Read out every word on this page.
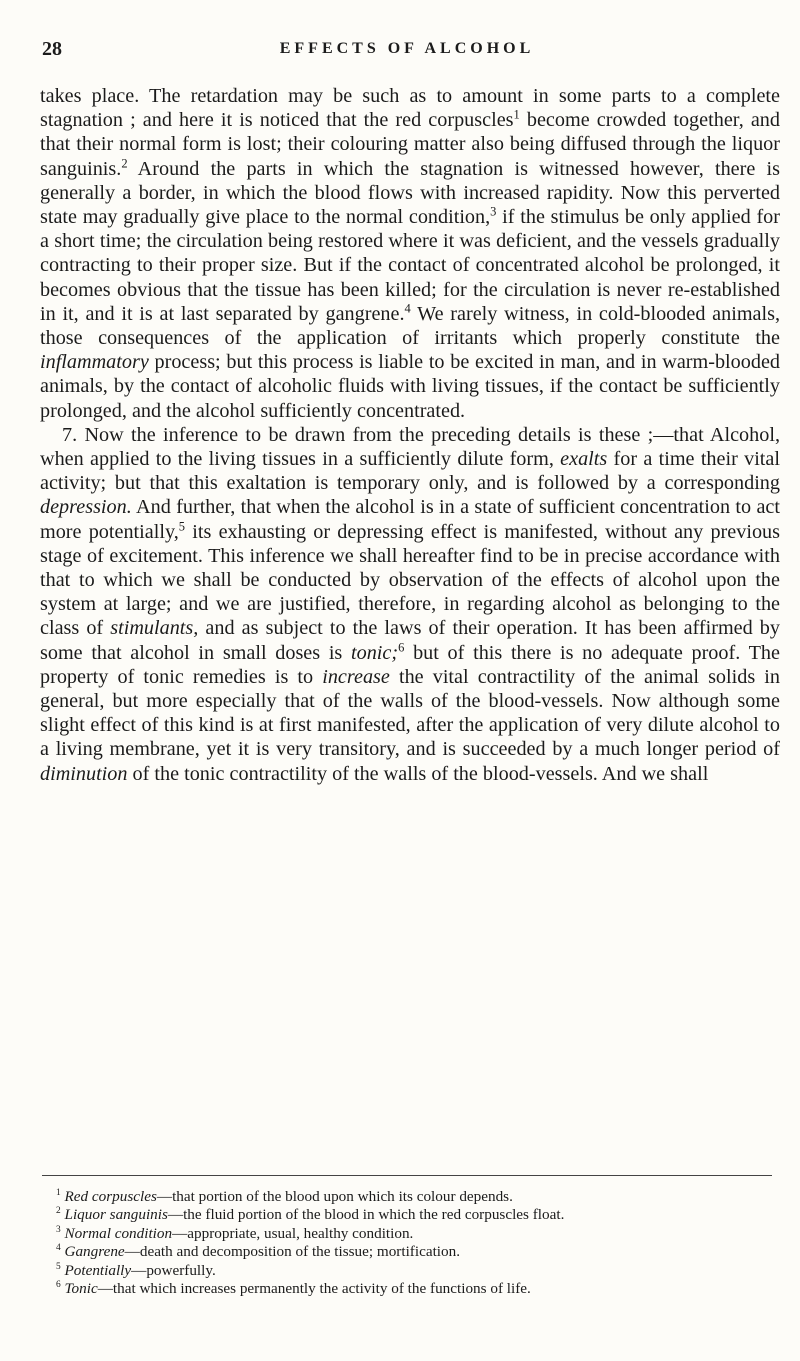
28	EFFECTS OF ALCOHOL

takes place. The retardation may be such as to amount in some parts to a complete stagnation ; and here it is noticed that the red corpuscles$^1$ become crowded together, and that their normal form is lost; their colouring matter also being diffused through the liquor sanguinis.$^2$ Around the parts in which the stagnation is witnessed however, there is generally a border, in which the blood flows with increased rapidity. Now this perverted state may gradually give place to the normal condition,$^3$ if the stimulus be only applied for a short time; the circulation being restored where it was deficient, and the vessels gradually contracting to their proper size. But if the contact of concentrated alcohol be prolonged, it becomes obvious that the tissue has been killed; for the circulation is never re-established in it, and it is at last separated by gangrene.$^4$ We rarely witness, in cold-blooded animals, those consequences of the application of irritants which properly constitute the inflammatory process; but this process is liable to be excited in man, and in warm-blooded animals, by the contact of alcoholic fluids with living tissues, if the contact be sufficiently prolonged, and the alcohol sufficiently concentrated.

7. Now the inference to be drawn from the preceding details is these ;—that Alcohol, when applied to the living tissues in a sufficiently dilute form, exalts for a time their vital activity; but that this exaltation is temporary only, and is followed by a corresponding depression. And further, that when the alcohol is in a state of sufficient concentration to act more potentially,$^5$ its exhausting or depressing effect is manifested, without any previous stage of excitement. This inference we shall hereafter find to be in precise accordance with that to which we shall be conducted by observation of the effects of alcohol upon the system at large; and we are justified, therefore, in regarding alcohol as belonging to the class of stimulants, and as subject to the laws of their operation. It has been affirmed by some that alcohol in small doses is tonic;$^6$ but of this there is no adequate proof. The property of tonic remedies is to increase the vital contractility of the animal solids in general, but more especially that of the walls of the blood-vessels. Now although some slight effect of this kind is at first manifested, after the application of very dilute alcohol to a living membrane, yet it is very transitory, and is succeeded by a much longer period of diminution of the tonic contractility of the walls of the blood-vessels. And we shall

$^1$ Red corpuscles—that portion of the blood upon which its colour depends.

$^2$ Liquor sanguinis—the fluid portion of the blood in which the red corpuscles float.

$^3$ Normal condition—appropriate, usual, healthy condition.

$^4$ Gangrene—death and decomposition of the tissue; mortification.

$^5$ Potentially—powerfully.

$^6$ Tonic—that which increases permanently the activity of the functions of life.
